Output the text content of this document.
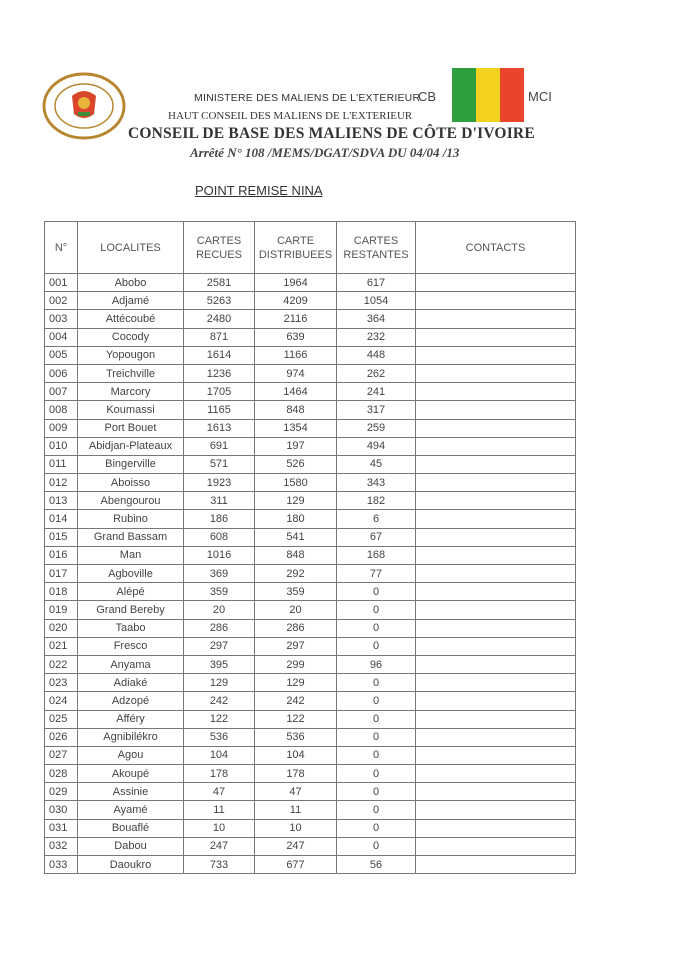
MINISTERE DES MALIENS DE L'EXTERIEUR
CB	MCI
HAUT CONSEIL DES MALIENS DE L'EXTERIEUR
CONSEIL DE BASE DES MALIENS DE CÔTE D'IVOIRE
Arrêté N° 108 /MEMS/DGAT/SDVA DU 04/04 /13
POINT REMISE NINA
N°	LOCALITES	CARTES RECUES	CARTE DISTRIBUEES	CARTES RESTANTES	CONTACTS
001	Abobo	2581	1964	617	
002	Adjamé	5263	4209	1054	
003	Attécoubé	2480	2116	364	
004	Cocody	871	639	232	
005	Yopougon	1614	1166	448	
006	Treichville	1236	974	262	
007	Marcory	1705	1464	241	
008	Koumassi	1165	848	317	
009	Port Bouet	1613	1354	259	
010	Abidjan-Plateaux	691	197	494	
011	Bingerville	571	526	45	
012	Aboisso	1923	1580	343	
013	Abengourou	311	129	182	
014	Rubino	186	180	6	
015	Grand Bassam	608	541	67	
016	Man	1016	848	168	
017	Agboville	369	292	77	
018	Alépé	359	359	0	
019	Grand Bereby	20	20	0	
020	Taabo	286	286	0	
021	Fresco	297	297	0	
022	Anyama	395	299	96	
023	Adiaké	129	129	0	
024	Adzopé	242	242	0	
025	Afféry	122	122	0	
026	Agnibilékro	536	536	0	
027	Agou	104	104	0	
028	Akoupé	178	178	0	
029	Assinie	47	47	0	
030	Ayamé	11	11	0	
031	Bouaflé	10	10	0	
032	Dabou	247	247	0	
033	Daoukro	733	677	56	
